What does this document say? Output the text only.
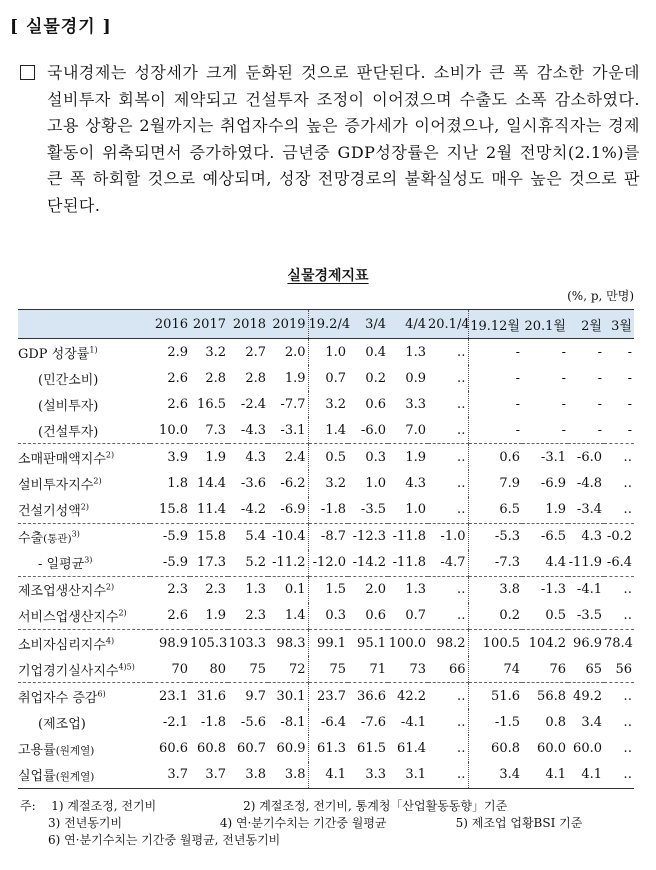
[ 실물경기 ]
국내경제는 성장세가 크게 둔화된 것으로 판단된다. 소비가 큰 폭 감소한 가운데 설비투자 회복이 제약되고 건설투자 조정이 이어졌으며 수출도 소폭 감소하였다. 고용 상황은 2월까지는 취업자수의 높은 증가세가 이어졌으나, 일시휴직자는 경제활동이 위축되면서 증가하였다. 금년중 GDP성장률은 지난 2월 전망치(2.1%)를 큰 폭 하회할 것으로 예상되며, 성장 전망경로의 불확실성도 매우 높은 것으로 판단된다.
실물경제지표
(%, p, 만명)
	2016	2017	2018	2019	19.2/4	3/4	4/4	20.1/4	19.12월	20.1월	2월	3월
GDP 성장률$^{1)}$	2.9	3.2	2.7	2.0	1.0	0.4	1.3	‥	-	-	-	-
(민간소비)	2.6	2.8	2.8	1.9	0.7	0.2	0.9	‥	-	-	-	-
(설비투자)	2.6	16.5	-2.4	-7.7	3.2	0.6	3.3	‥	-	-	-	-
(건설투자)	10.0	7.3	-4.3	-3.1	1.4	-6.0	7.0	‥	-	-	-	-
소매판매액지수$^{2)}$	3.9	1.9	4.3	2.4	0.5	0.3	1.9	‥	0.6	-3.1	-6.0	‥
설비투자지수$^{2)}$	1.8	14.4	-3.6	-6.2	3.2	1.0	4.3	‥	7.9	-6.9	-4.8	‥
건설기성액$^{2)}$	15.8	11.4	-4.2	-6.9	-1.8	-3.5	1.0	‥	6.5	1.9	-3.4	‥
수출(통관)$^{3)}$	-5.9	15.8	5.4	-10.4	-8.7	-12.3	-11.8	-1.0	-5.3	-6.5	4.3	-0.2
- 일평균$^{3)}$	-5.9	17.3	5.2	-11.2	-12.0	-14.2	-11.8	-4.7	-7.3	4.4	-11.9	-6.4
제조업생산지수$^{2)}$	2.3	2.3	1.3	0.1	1.5	2.0	1.3	‥	3.8	-1.3	-4.1	‥
서비스업생산지수$^{2)}$	2.6	1.9	2.3	1.4	0.3	0.6	0.7	‥	0.2	0.5	-3.5	‥
소비자심리지수$^{4)}$	98.9	105.3	103.3	98.3	99.1	95.1	100.0	98.2	100.5	104.2	96.9	78.4
기업경기실사지수$^{4)5)}$	70	80	75	72	75	71	73	66	74	76	65	56
취업자수 증감$^{6)}$	23.1	31.6	9.7	30.1	23.7	36.6	42.2	‥	51.6	56.8	49.2	‥
(제조업)	-2.1	-1.8	-5.6	-8.1	-6.4	-7.6	-4.1	‥	-1.5	0.8	3.4	‥
고용률(원계열)	60.6	60.8	60.7	60.9	61.3	61.5	61.4	‥	60.8	60.0	60.0	‥
실업률(원계열)	3.7	3.7	3.8	3.8	4.1	3.3	3.1	‥	3.4	4.1	4.1	‥
주: 1) 계절조정, 전기비	2) 계절조정, 전기비, 통계청「산업활동동향」기준
3) 전년동기비	4) 연·분기수치는 기간중 월평균	5) 제조업 업황BSI 기준
6) 연·분기수치는 기간중 월평균, 전년동기비
